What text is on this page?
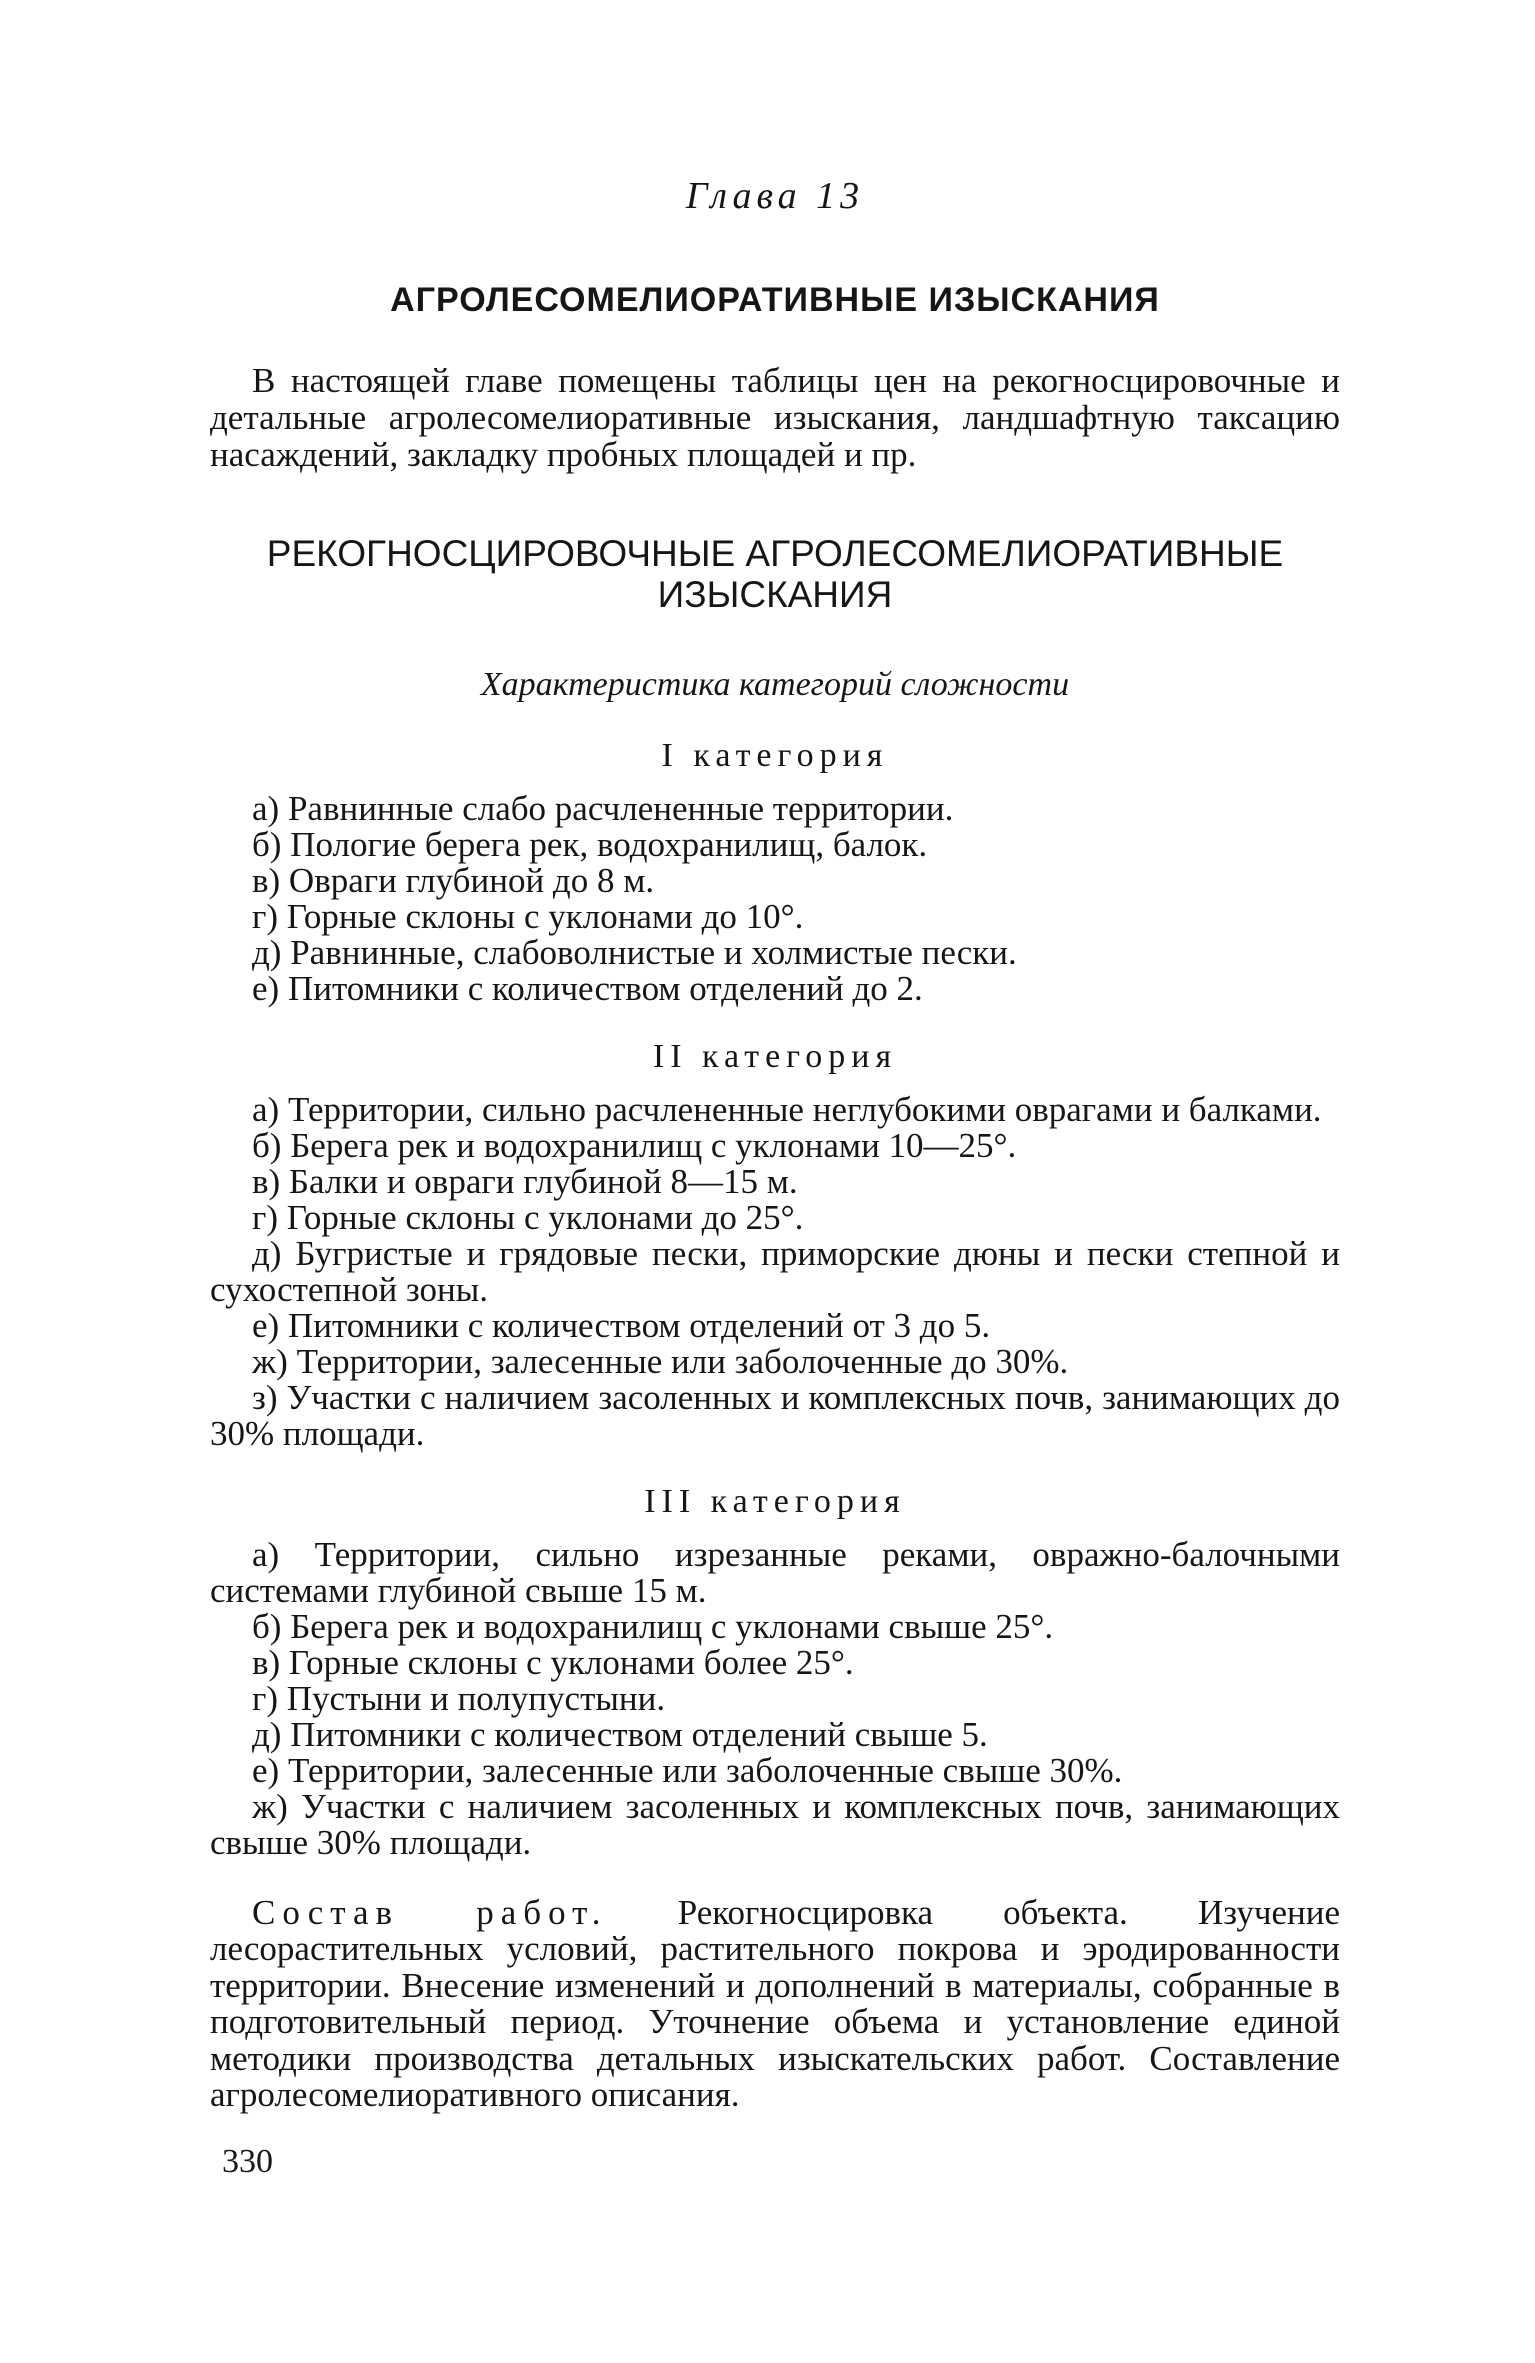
Глава 13
АГРОЛЕСОМЕЛИОРАТИВНЫЕ ИЗЫСКАНИЯ

В настоящей главе помещены таблицы цен на рекогносцировочные и детальные агролесомелиоративные изыскания, ландшафтную таксацию насаждений, закладку пробных площадей и пр.

РЕКОГНОСЦИРОВОЧНЫЕ АГРОЛЕСОМЕЛИОРАТИВНЫЕ ИЗЫСКАНИЯ
Характеристика категорий сложности
I категория

а) Равнинные слабо расчлененные территории.

б) Пологие берега рек, водохранилищ, балок.

в) Овраги глубиной до 8 м.

г) Горные склоны с уклонами до 10°.

д) Равнинные, слабоволнистые и холмистые пески.

е) Питомники с количеством отделений до 2.

II категория

а) Территории, сильно расчлененные неглубокими оврагами и балками.

б) Берега рек и водохранилищ с уклонами 10—25°.

в) Балки и овраги глубиной 8—15 м.

г) Горные склоны с уклонами до 25°.

д) Бугристые и грядовые пески, приморские дюны и пески степной и сухостепной зоны.

е) Питомники с количеством отделений от 3 до 5.

ж) Территории, залесенные или заболоченные до 30%.

з) Участки с наличием засоленных и комплексных почв, занимающих до 30% площади.

III категория

а) Территории, сильно изрезанные реками, овражно-балочными системами глубиной свыше 15 м.

б) Берега рек и водохранилищ с уклонами свыше 25°.

в) Горные склоны с уклонами более 25°.

г) Пустыни и полупустыни.

д) Питомники с количеством отделений свыше 5.

е) Территории, залесенные или заболоченные свыше 30%.

ж) Участки с наличием засоленных и комплексных почв, занимающих свыше 30% площади.

Состав работ. Рекогносцировка объекта. Изучение лесорастительных условий, растительного покрова и эродированности территории. Внесение изменений и дополнений в материалы, собранные в подготовительный период. Уточнение объема и установление единой методики производства детальных изыскательских работ. Составление агролесомелиоративного описания.

330
